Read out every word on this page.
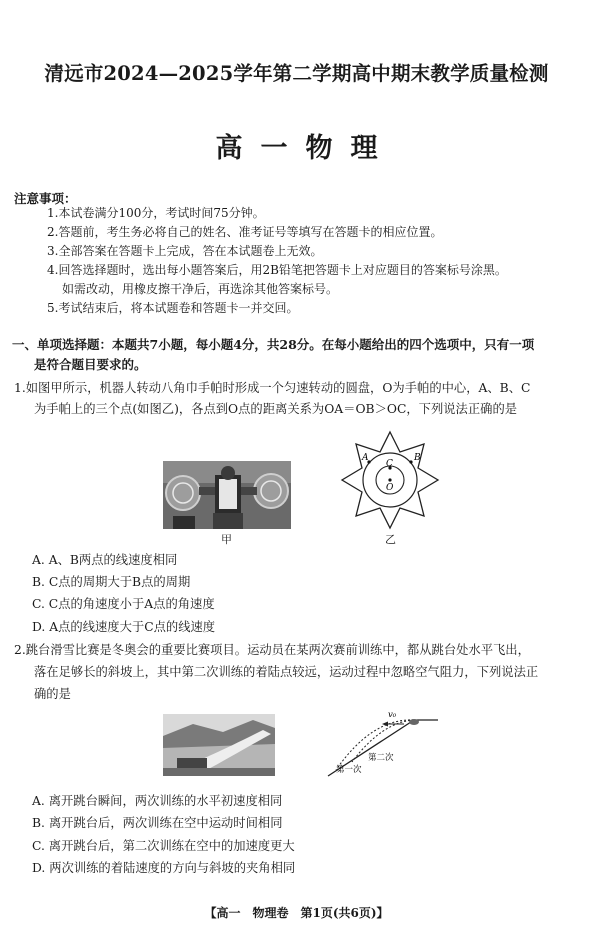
清远市2024—2025学年第二学期高中期末教学质量检测
高一物理
注意事项：
1.本试卷满分100分，考试时间75分钟。
2.答题前，考生务必将自己的姓名、准考证号等填写在答题卡的相应位置。
3.全部答案在答题卡上完成，答在本试题卷上无效。
4.回答选择题时，选出每小题答案后，用2B铅笔把答题卡上对应题目的答案标号涂黑。
如需改动，用橡皮擦干净后，再选涂其他答案标号。
5.考试结束后，将本试题卷和答题卡一并交回。
一、单项选择题：本题共7小题，每小题4分，共28分。在每小题给出的四个选项中，只有一项
是符合题目要求的。
1.如图甲所示，机器人转动八角巾手帕时形成一个匀速转动的圆盘，O为手帕的中心，A、B、C
为手帕上的三个点(如图乙)，各点到O点的距离关系为OA＝OB＞OC，下列说法正确的是
甲
A	B
C
O
乙
A. A、B两点的线速度相同
B. C点的周期大于B点的周期
C. C点的角速度小于A点的角速度
D. A点的线速度大于C点的线速度
2.跳台滑雪比赛是冬奥会的重要比赛项目。运动员在某两次赛前训练中，都从跳台处水平飞出，
落在足够长的斜坡上，其中第二次训练的着陆点较远，运动过程中忽略空气阻力，下列说法正
确的是
v₀
第二次
第一次
A. 离开跳台瞬间，两次训练的水平初速度相同
B. 离开跳台后，两次训练在空中运动时间相同
C. 离开跳台后，第二次训练在空中的加速度更大
D. 两次训练的着陆速度的方向与斜坡的夹角相同
【高一　物理卷　第1页(共6页)】
